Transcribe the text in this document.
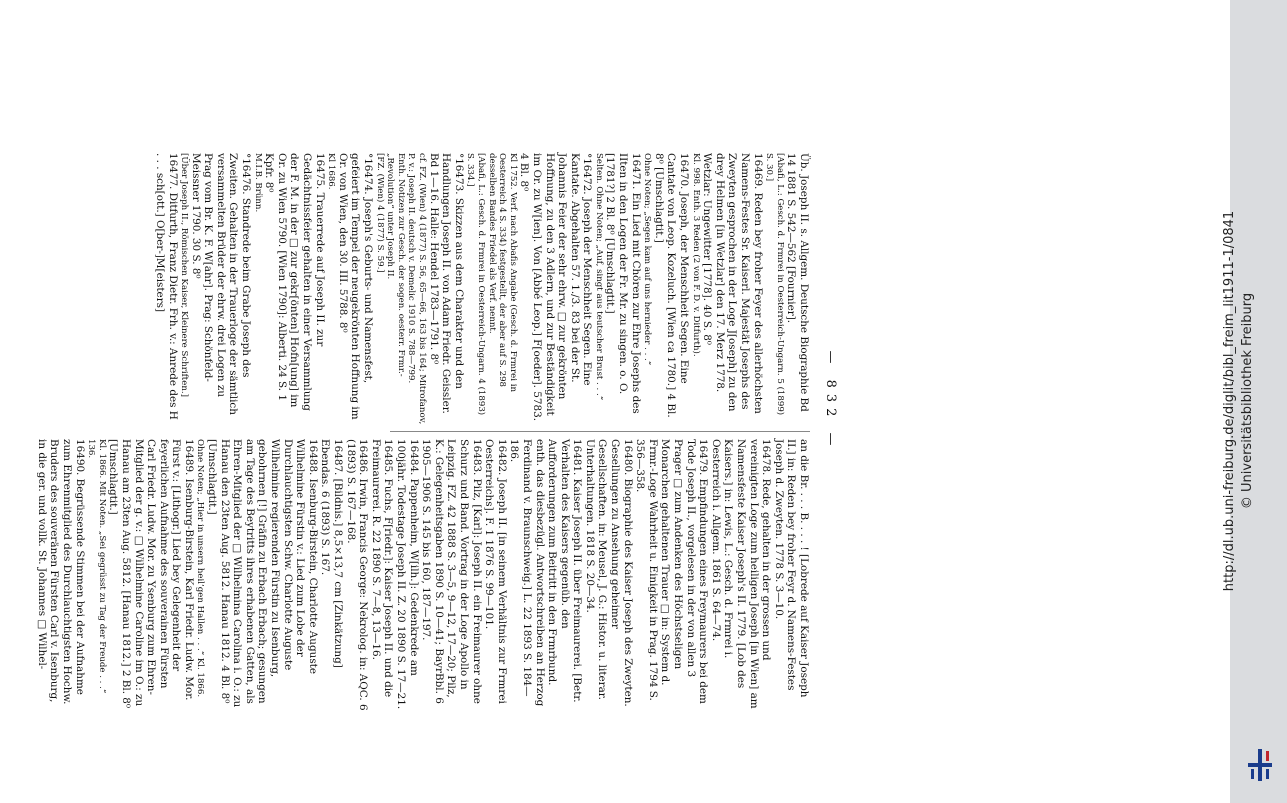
— 832 —

Üb. Joseph II. s. Allgem. Deutsche Biographie Bd 14 1881 S. 542—562 [Fournier].

[Abafi, L.: Gesch. d. Frmrei in Oesterreich-Ungarn. 5 (1899) S. 30.]

16469. Reden bey froher Feyer des allerhöchsten Namens-Festes Sr. Kaiserl. Majestät Josephs des Zweyten gesprochen in der Loge J[oseph] zu den drey Helmen [in Wetzlar] den 17. Merz 1778. Wetzlar: Ungewitter [1778]. 40 S. 8⁰

Kl. 998. Enth. 3 Reden (2 von F. D. v. Ditfurth).

16470. Joseph, der Menschheit Segen. Eine Cantate von Leop. Kozeluch. [Wien ca 1780.] 4 Bl. 8⁰ [Umschlagtit.]

Ohne Noten; „Segen kam auf uns hernieder . . .“

16471. Ein Lied mit Chören zur Ehre Josephs des IIten in den Logen der Fr. Mr. zu singen. o. O. [1781?] 2 Bl. 8⁰ [Umschlagtit.]

Selten. Ohne Noten; „Auf, singt aus teutscher Brust . . .“

°16472. Joseph der Menschheit Segen. Eine Kantate. Abgehalten 57. 1./3. 83 bei der St. Johannis Feier der sehr ehrw. □ zur gekrönten Hoffnung, zu den 3 Adlern, und zur Beständigkeit im Or. zu W[ien]. Von [Abbé Leop.] F[oeder]. 5783. 4 Bl. 8⁰

Kl 1752. Verf. nach Abafis Angabe (Gesch. d. Frmrei in Oesterreich 4 S. 334) festgestellt, der aber auf S. 298 desselben Bandes Friedel als Verf. nennt.

[Abafi, L.: Gesch. d. Frmrei in Oesterreich-Ungarn. 4 (1893) S. 334.]

°16473. Skizzen aus dem Charakter und den Handlungen Joseph II. von Adam Friedr. Geissler. Bd 1—16. Halle: Hendel 1783—1791. 8⁰

cf. FZ. (Wien) 4 (1877) S. 56, 65—66, 163 bis 164; Mitrofanov, P. v.: Joseph II. deutsch v. Demelic 1910 S. 788—799.

Enth. Notizen zur Gesch. der sogen. oesterr. Frmr.-„Revolution“ unter Joseph II.

[FZ. (Wien) 4 (1877) S. 59.]

°16474. Joseph's Geburts- und Namensfest, gefeiert im Tempel der neugekrönten Hoffnung im Or. von Wien, den 30. III. 5788. 8⁰

Kl 1686.

16475. Trauerrede auf Joseph II. zur Gedächtnissfeier gehalten in einer Versammlung der F. M. in der □ zur gekr[önten] Hofn[ung] im Or. zu Wien 5790. [Wien 1790]: Alberti. 24 S. 1 Kpfr. 8⁰

M.I.B. Brünn.

°16476. Standrede beim Grabe Joseph des Zweiten. Gehalten in der Trauerloge der sämtlich versammelten Brüder der ehrw. drei Logen zu Prag vom Br. K. F. W[ahr]. Prag: Schönfeld-Meissner 1790. 30 S. 8⁰

[Über Joseph II., Römischen Kaiser, Kleinere Schriften.]

16477. Ditfurth, Franz Dietr. Frh. v.: Anrede des H . . . sch[ott.] O[ber-]M[eisters]

an die Br. . . . B. . . . ! [Lobrede auf Kaiser Joseph II.] in: Reden bey froher Feyr d. Namens-Festes Joseph d. Zweyten. 1778 S. 3—10.

16478. Rede, gehalten in der grossen und vereinigten Loge zum heiligen Joseph [in Wien] am Namensfeste Kaiser Joseph's II. 1779. [Lob des Kaisers.] in: Lewis, L.: Gesch. d. Frmrei i. Oesterreich i. Allgem. 1861 S. 64—74.

16479. Empfindungen eines Freymaurers bei dem Tode Joseph II., vorgelesen in der von allen 3 Prager □ zum Andenken des Höchstseligen Monarchen gehaltenen Trauer □ in: System d. Frmr.-Loge Wahrheit u. Einigkeit in Prag. 1794 S. 356—358.

16480. Biographie des Kaiser Joseph des Zweyten. Gesellungen zu Ansehung geheimer Gesellschaften. in: Meusel, J. G.: Histor. u. literar. Unterhaltungen. 1818 S. 20—34.

16481. Kaiser Joseph II. über Freimaurerei. [Betr. Verhalten des Kaisers gegenüb. den Aufforderungen zum Beitritt in den Frmrbund. enth. das diesbezügl. Antwortschreiben an Herzog Ferdinand v. Braunschweig.] L. 22 1893 S. 184—186.

16482. Joseph II. [in seinem Verhältnis zur Frmrei Oesterreichs]. F. 1 1876 S. 99—101.

16483. Pilz, [Karl]: Joseph II. ein Freimaurer ohne Schurz und Band. Vortrag in der Loge Apollo in Leipzig. FZ. 42 1888 S. 3—5, 9—12, 17—20; Pilz, K.: Gelegenheitsgaben 1890 S. 10—41; BayrBbl. 6 1905—1906 S. 145 bis 160, 187—197.

16484. Pappenheim, W[ilh.]: Gedenkrede am 100jähr. Todestage Joseph II. Z. 20 1890 S. 17—21.

16485. Fuchs, F[riedr.]: Kaiser Joseph II. und die Freimaurerei. R. 22 1890 S. 7—8, 13—16.

16486. Irwin, Francis George: Nekrolog. in: AQC. 6 (1893) S. 167—168.

16487. [Bildnis.] 8,5×13,7 cm [Zinkätzung] Ebendas. 6 (1893) S. 167.

16488. Isenburg-Birstein, Charlotte Auguste Wilhelmine Fürstin v.: Lied zum Lobe der Durchlauchtigsten Schw. Charlotte Auguste Wilhelmine regierenden Fürstin zu Isenburg, gebohrnen [!] Gräfin zu Erbach Erbach; gesungen am Tage des Beytritts ihres erhabenen Gatten, als Ehren-Mitglied der □ Wilhelmina Carolina i. O.: zu Hanau den 23ten Aug. 5812. Hanau 1812. 4 Bl. 8⁰ [Umschlagtit.]

Ohne Noten; „Hier in unsern heil’gen Hallen . . .“ Kl. 1866.

16489. Isenburg-Birstein, Karl Friedr. Ludw. Mor. Fürst v.: [Lithogr.] Lied bey Gelegenheit der feyerlichen Aufnahme des souverainen Fürsten Carl Friedr. Ludw. Mor. zu Ysenburg zum Ehren-Mitglied der g. v.: □ Wilhelmine Caroline im O.: zu Hanau am 23ten Aug. 5812. [Hanau 1812.] 2 Bl. 8⁰ [Umschlagtit.]

Kl. 1866. Mit Noten. „Sei gegrüsst zu Tag der Freude . . .“ 136.

16490. Begrüssende Stimmen bei der Aufnahme zum Ehrenmitglied des Durchlauchtigsten Hochw. Bruders des souveränen Fürsten Carl v. Isenburg, in die ger. und vollk. St. Johannes □ Wilhel-	http://dl.ub.uni-freiburg.de/diglit/bibl_freim_lit1911-1/0841 © Universitätsbibliothek Freiburg
